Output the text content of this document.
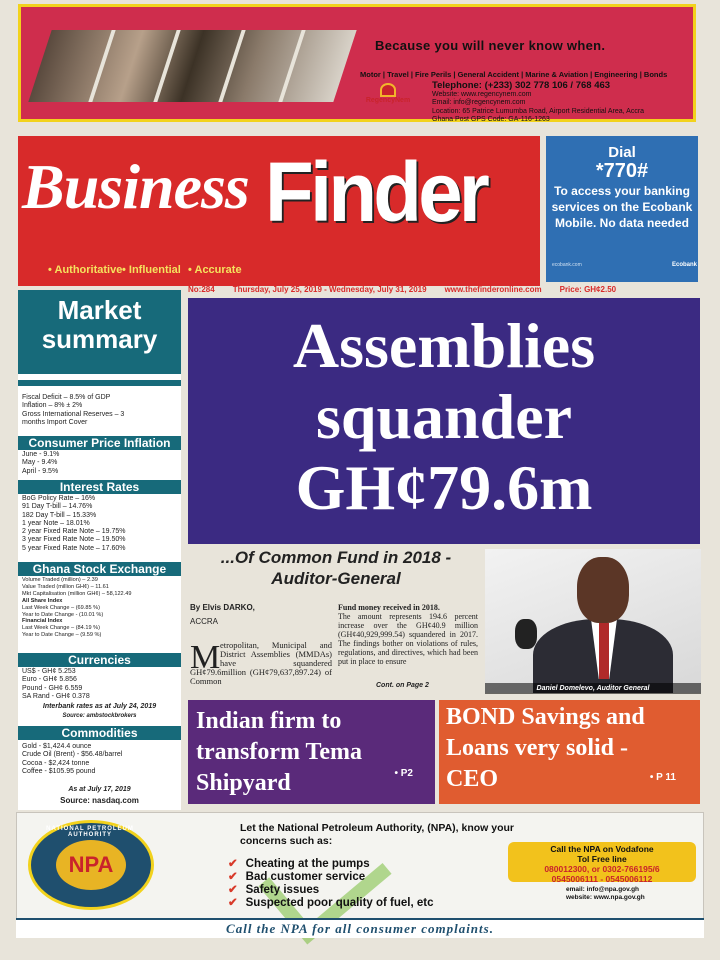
Because you will never know when.
Motor | Travel | Fire Perils | General Accident | Marine & Aviation | Engineering | Bonds
RegencyNem
Telephone: (+233) 302 778 106 / 768 463
Website: www.regencynem.com
Email: info@regencynem.com
Location: 65 Patrice Lumumba Road, Airport Residential Area, Accra
Ghana Post GPS Code: GA-116-1263
Business Finder
• Authoritative • Influential • Accurate
Dial
*770#
To access your banking services on the Ecobank Mobile. No data needed
ecobank.com	Ecobank
No:284 Thursday, July 25, 2019 - Wednesday, July 31, 2019 www.thefinderonline.com Price: GH¢2.50
Market summary
Fiscal Deficit – 8.5% of GDP
Inflation – 8% ± 2%
Gross International Reserves – 3
months Import Cover
Consumer Price Inflation
June - 9.1%
May - 9.4%
April - 9.5%
Interest Rates
BoG Policy Rate – 16%
91 Day T-bill – 14.76%
182 Day T-bill – 15.33%
1 year Note – 18.01%
2 year Fixed Rate Note – 19.75%
3 year Fixed Rate Note – 19.50%
5 year Fixed Rate Note – 17.60%
Ghana Stock Exchange
Volume Traded (million) – 2.39
Value Traded (million GH¢) – 11.61
Mkt Capitalisation (million GH¢) – 58,122.49
All Share Index
Last Week Change – (69.85 %)
Year to Date Change - (10.01 %)
Financial Index
Last Week Change – (84.19 %)
Year to Date Change – (9.59 %)
Currencies
US$ - GH¢ 5.253
Euro - GH¢ 5.856
Pound - GH¢ 6.559
SA Rand - GH¢ 0.378
Interbank rates as at July 24, 2019
Source: ambstockbrokers
Commodities
Gold - $1,424.4 ounce
Crude Oil (Brent) - $56.48/barrel
Cocoa - $2,424 tonne
Coffee - $105.95 pound
As at July 17, 2019
Source: nasdaq.com
Assemblies squander GH¢79.6m
...Of Common Fund in 2018 - Auditor-General
By Elvis DARKO,
ACCRA
M etropolitan, Municipal and District Assemblies (MMDAs) have squandered GH¢79.6million (GH¢79,637,897.24) of Common
Fund money received in 2018.
The amount represents 194.6 percent increase over the GH¢40.9 million (GH¢40,929,999.54) squandered in 2017. The findings bother on violations of rules, regulations, and directives, which had been put in place to ensure
Cont. on Page 2	Daniel Domelevo, Auditor General
Indian firm to transform Tema Shipyard	• P2
BOND Savings and Loans very solid -CEO	• P 11
NATIONAL PETROLEUM AUTHORITY
NPA
Let the National Petroleum Authority, (NPA), know your concerns such as:
✔ Cheating at the pumps
✔ Bad customer service
✔ Safety issues
✔ Suspected poor quality of fuel, etc
Call the NPA on Vodafone
Tol Free line
080012300, or 0302-766195/6
0545006111 - 0545006112
email: info@npa.gov.gh
website: www.npa.gov.gh
Call the NPA for all consumer complaints.
